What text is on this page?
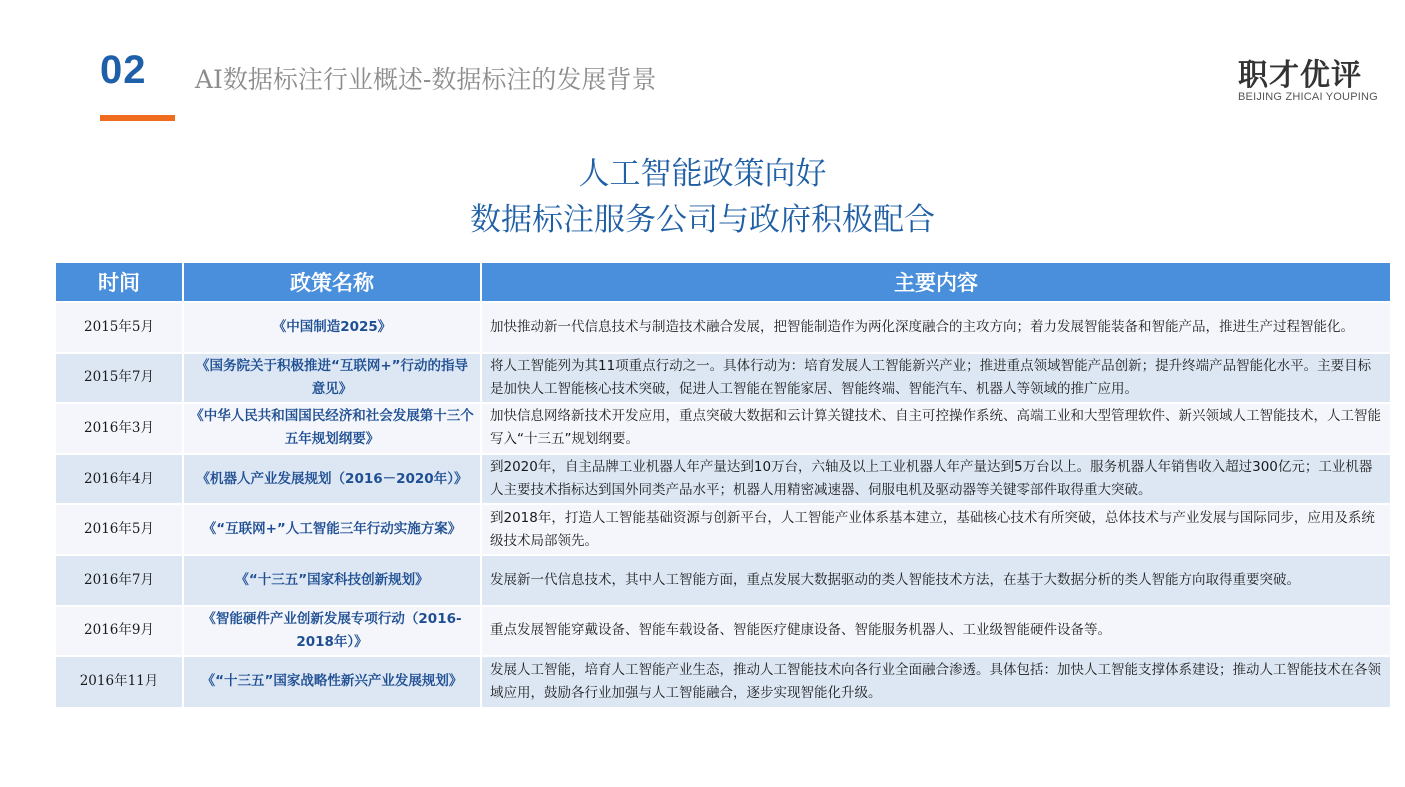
02 AI数据标注行业概述-数据标注的发展背景	职才优评
BEIJING ZHICAI YOUPING
人工智能政策向好
数据标注服务公司与政府积极配合
时间	政策名称	主要内容
2015年5月	《中国制造2025》	加快推动新一代信息技术与制造技术融合发展，把智能制造作为两化深度融合的主攻方向；着力发展智能装备和智能产品，推进生产过程智能化。
2015年7月	《国务院关于积极推进“互联网+”行动的指导意见》	将人工智能列为其11项重点行动之一。具体行动为：培育发展人工智能新兴产业；推进重点领域智能产品创新；提升终端产品智能化水平。主要目标是加快人工智能核心技术突破，促进人工智能在智能家居、智能终端、智能汽车、机器人等领域的推广应用。
2016年3月	《中华人民共和国国民经济和社会发展第十三个五年规划纲要》	加快信息网络新技术开发应用，重点突破大数据和云计算关键技术、自主可控操作系统、高端工业和大型管理软件、新兴领域人工智能技术，人工智能写入“十三五”规划纲要。
2016年4月	《机器人产业发展规划（2016－2020年）》	到2020年，自主品牌工业机器人年产量达到10万台，六轴及以上工业机器人年产量达到5万台以上。服务机器人年销售收入超过300亿元；工业机器人主要技术指标达到国外同类产品水平；机器人用精密减速器、伺服电机及驱动器等关键零部件取得重大突破。
2016年5月	《“互联网+”人工智能三年行动实施方案》	到2018年，打造人工智能基础资源与创新平台，人工智能产业体系基本建立，基础核心技术有所突破，总体技术与产业发展与国际同步，应用及系统级技术局部领先。
2016年7月	《“十三五”国家科技创新规划》	发展新一代信息技术，其中人工智能方面，重点发展大数据驱动的类人智能技术方法，在基于大数据分析的类人智能方向取得重要突破。
2016年9月	《智能硬件产业创新发展专项行动（2016-2018年）》	重点发展智能穿戴设备、智能车载设备、智能医疗健康设备、智能服务机器人、工业级智能硬件设备等。
2016年11月	《“十三五”国家战略性新兴产业发展规划》	发展人工智能，培育人工智能产业生态，推动人工智能技术向各行业全面融合渗透。具体包括：加快人工智能支撑体系建设；推动人工智能技术在各领域应用，鼓励各行业加强与人工智能融合，逐步实现智能化升级。
